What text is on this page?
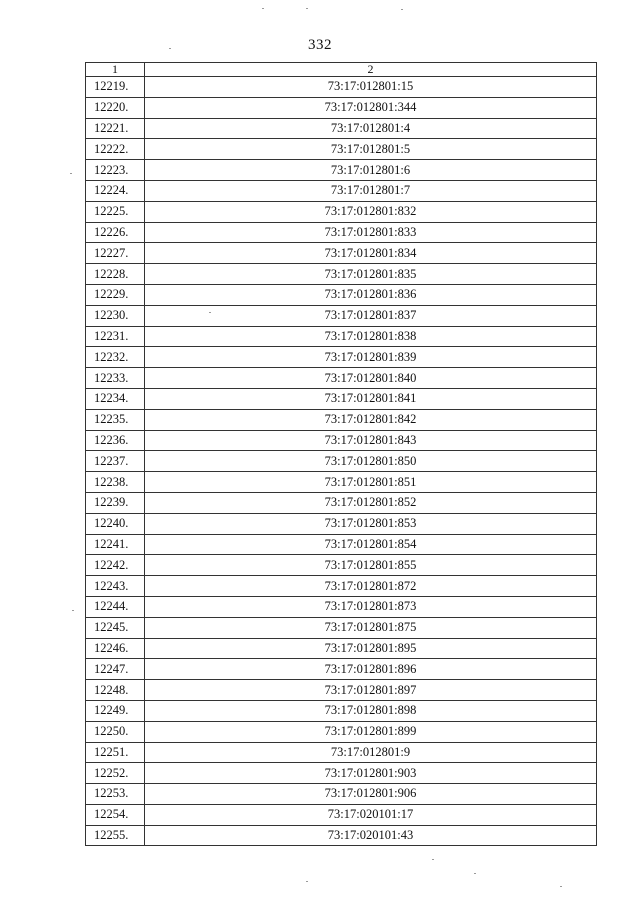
332
1	2
12219.	73:17:012801:15
12220.	73:17:012801:344
12221.	73:17:012801:4
12222.	73:17:012801:5
12223.	73:17:012801:6
12224.	73:17:012801:7
12225.	73:17:012801:832
12226.	73:17:012801:833
12227.	73:17:012801:834
12228.	73:17:012801:835
12229.	73:17:012801:836
12230.	73:17:012801:837
12231.	73:17:012801:838
12232.	73:17:012801:839
12233.	73:17:012801:840
12234.	73:17:012801:841
12235.	73:17:012801:842
12236.	73:17:012801:843
12237.	73:17:012801:850
12238.	73:17:012801:851
12239.	73:17:012801:852
12240.	73:17:012801:853
12241.	73:17:012801:854
12242.	73:17:012801:855
12243.	73:17:012801:872
12244.	73:17:012801:873
12245.	73:17:012801:875
12246.	73:17:012801:895
12247.	73:17:012801:896
12248.	73:17:012801:897
12249.	73:17:012801:898
12250.	73:17:012801:899
12251.	73:17:012801:9
12252.	73:17:012801:903
12253.	73:17:012801:906
12254.	73:17:020101:17
12255.	73:17:020101:43
